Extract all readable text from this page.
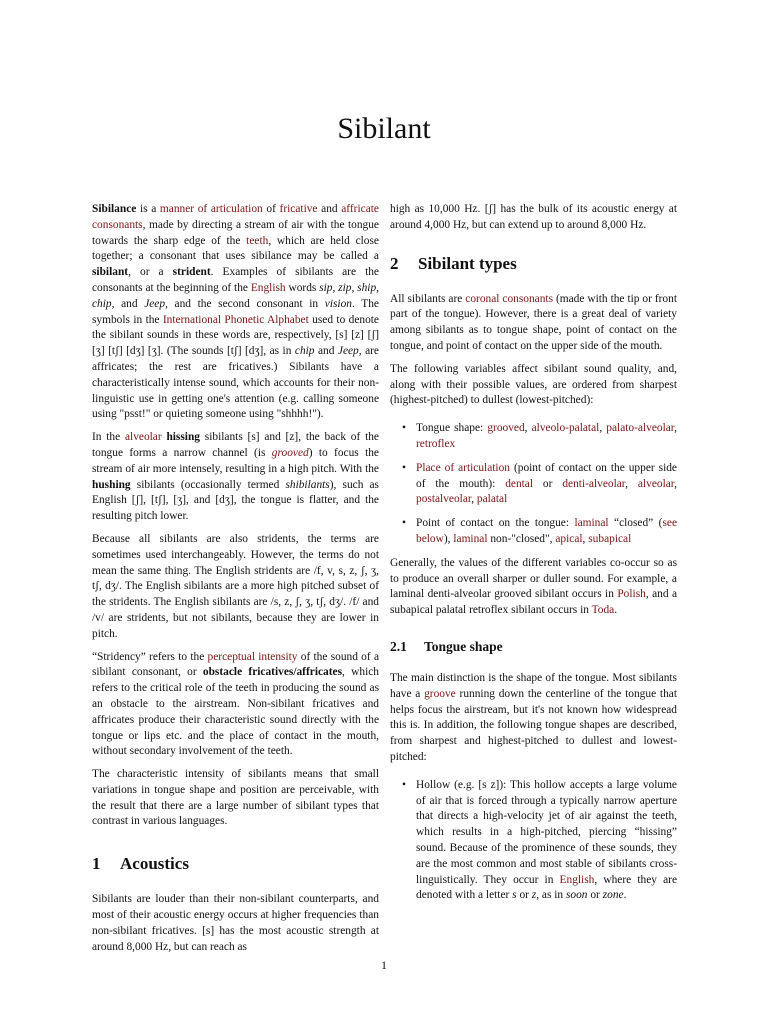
Sibilant

Sibilance is a manner of articulation of fricative and affricate consonants, made by directing a stream of air with the tongue towards the sharp edge of the teeth, which are held close together; a consonant that uses sibilance may be called a sibilant, or a strident. Examples of sibilants are the consonants at the beginning of the English words sip, zip, ship, chip, and Jeep, and the second consonant in vision. The symbols in the International Phonetic Alphabet used to denote the sibilant sounds in these words are, respectively, [s] [z] [ʃ] [ʒ] [tʃ] [dʒ] [ʒ]. (The sounds [tʃ] [dʒ], as in chip and Jeep, are affricates; the rest are fricatives.) Sibilants have a characteristically intense sound, which accounts for their non-linguistic use in getting one's attention (e.g. calling someone using "psst!" or quieting someone using "shhhh!").

In the alveolar hissing sibilants [s] and [z], the back of the tongue forms a narrow channel (is grooved) to focus the stream of air more intensely, resulting in a high pitch. With the hushing sibilants (occasionally termed shibilants), such as English [ʃ], [tʃ], [ʒ], and [dʒ], the tongue is flatter, and the resulting pitch lower.

Because all sibilants are also stridents, the terms are sometimes used interchangeably. However, the terms do not mean the same thing. The English stridents are /f, v, s, z, ʃ, ʒ, tʃ, dʒ/. The English sibilants are a more high pitched subset of the stridents. The English sibilants are /s, z, ʃ, ʒ, tʃ, dʒ/. /f/ and /v/ are stridents, but not sibilants, because they are lower in pitch.

“Stridency” refers to the perceptual intensity of the sound of a sibilant consonant, or obstacle fricatives/affricates, which refers to the critical role of the teeth in producing the sound as an obstacle to the airstream. Non-sibilant fricatives and affricates produce their characteristic sound directly with the tongue or lips etc. and the place of contact in the mouth, without secondary involvement of the teeth.

The characteristic intensity of sibilants means that small variations in tongue shape and position are perceivable, with the result that there are a large number of sibilant types that contrast in various languages.

1 Acoustics

Sibilants are louder than their non-sibilant counterparts, and most of their acoustic energy occurs at higher frequencies than non-sibilant fricatives. [s] has the most acoustic strength at around 8,000 Hz, but can reach as

high as 10,000 Hz. [ʃ] has the bulk of its acoustic energy at around 4,000 Hz, but can extend up to around 8,000 Hz.

2 Sibilant types

All sibilants are coronal consonants (made with the tip or front part of the tongue). However, there is a great deal of variety among sibilants as to tongue shape, point of contact on the tongue, and point of contact on the upper side of the mouth.

The following variables affect sibilant sound quality, and, along with their possible values, are ordered from sharpest (highest-pitched) to dullest (lowest-pitched):

• Tongue shape: grooved, alveolo-palatal, palato-alveolar, retroflex
• Place of articulation (point of contact on the upper side of the mouth): dental or denti-alveolar, alveolar, postalveolar, palatal
• Point of contact on the tongue: laminal “closed” (see below), laminal non-"closed", apical, subapical

Generally, the values of the different variables co-occur so as to produce an overall sharper or duller sound. For example, a laminal denti-alveolar grooved sibilant occurs in Polish, and a subapical palatal retroflex sibilant occurs in Toda.

2.1 Tongue shape

The main distinction is the shape of the tongue. Most sibilants have a groove running down the centerline of the tongue that helps focus the airstream, but it's not known how widespread this is. In addition, the following tongue shapes are described, from sharpest and highest-pitched to dullest and lowest-pitched:

• Hollow (e.g. [s z]): This hollow accepts a large volume of air that is forced through a typically narrow aperture that directs a high-velocity jet of air against the teeth, which results in a high-pitched, piercing “hissing” sound. Because of the prominence of these sounds, they are the most common and most stable of sibilants cross-linguistically. They occur in English, where they are denoted with a letter s or z, as in soon or zone.
1
